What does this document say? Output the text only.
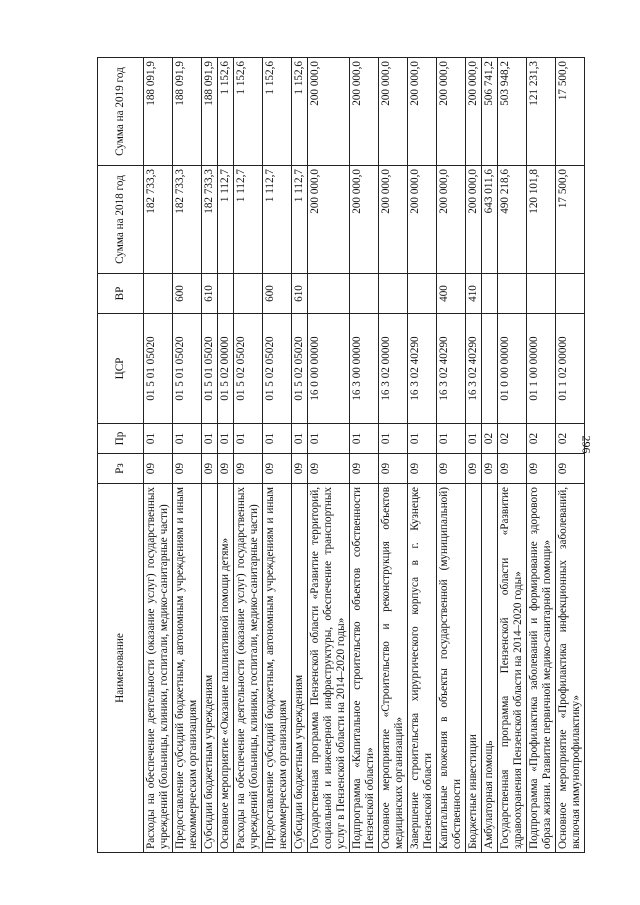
296
Наименование	Рз	Пр	ЦСР	ВР	Сумма на 2018 год	Сумма на 2019 год
Расходы на обеспечение деятельности (оказание услуг) государственных учреждений (больницы, клиники, госпитали, медико-санитарные части)	09	01	01 5 01 05020		182 733,3	188 091,9
Предоставление субсидий бюджетным, автономным учреждениям и иным некоммерческим организациям	09	01	01 5 01 05020	600	182 733,3	188 091,9
Субсидии бюджетным учреждениям	09	01	01 5 01 05020	610	182 733,3	188 091,9
Основное мероприятие «Оказание паллиативной помощи детям»	09	01	01 5 02 00000		1 112,7	1 152,6
Расходы на обеспечение деятельности (оказание услуг) государственных учреждений (больницы, клиники, госпитали, медико-санитарные части)	09	01	01 5 02 05020		1 112,7	1 152,6
Предоставление субсидий бюджетным, автономным учреждениям и иным некоммерческим организациям	09	01	01 5 02 05020	600	1 112,7	1 152,6
Субсидии бюджетным учреждениям	09	01	01 5 02 05020	610	1 112,7	1 152,6
Государственная программа Пензенской области «Развитие территорий, социальной и инженерной инфраструктуры, обеспечение транспортных услуг в Пензенской области на 2014–2020 годы»	09	01	16 0 00 00000		200 000,0	200 000,0
Подпрограмма «Капитальное строительство объектов собственности Пензенской области»	09	01	16 3 00 00000		200 000,0	200 000,0
Основное мероприятие «Строительство и реконструкция объектов медицинских организаций»	09	01	16 3 02 00000		200 000,0	200 000,0
Завершение строительства хирургического корпуса в г. Кузнецке Пензенской области	09	01	16 3 02 40290		200 000,0	200 000,0
Капитальные вложения в объекты государственной (муниципальной) собственности	09	01	16 3 02 40290	400	200 000,0	200 000,0
Бюджетные инвестиции	09	01	16 3 02 40290	410	200 000,0	200 000,0
Амбулаторная помощь	09	02			643 011,6	506 741,2
Государственная программа Пензенской области «Развитие здравоохранения Пензенской области на 2014–2020 годы»	09	02	01 0 00 00000		490 218,6	503 948,2
Подпрограмма «Профилактика заболеваний и формирование здорового образа жизни. Развитие первичной медико-санитарной помощи»	09	02	01 1 00 00000		120 101,8	121 231,3
Основное мероприятие «Профилактика инфекционных заболеваний, включая иммунопрофилактику»	09	02	01 1 02 00000		17 500,0	17 500,0
